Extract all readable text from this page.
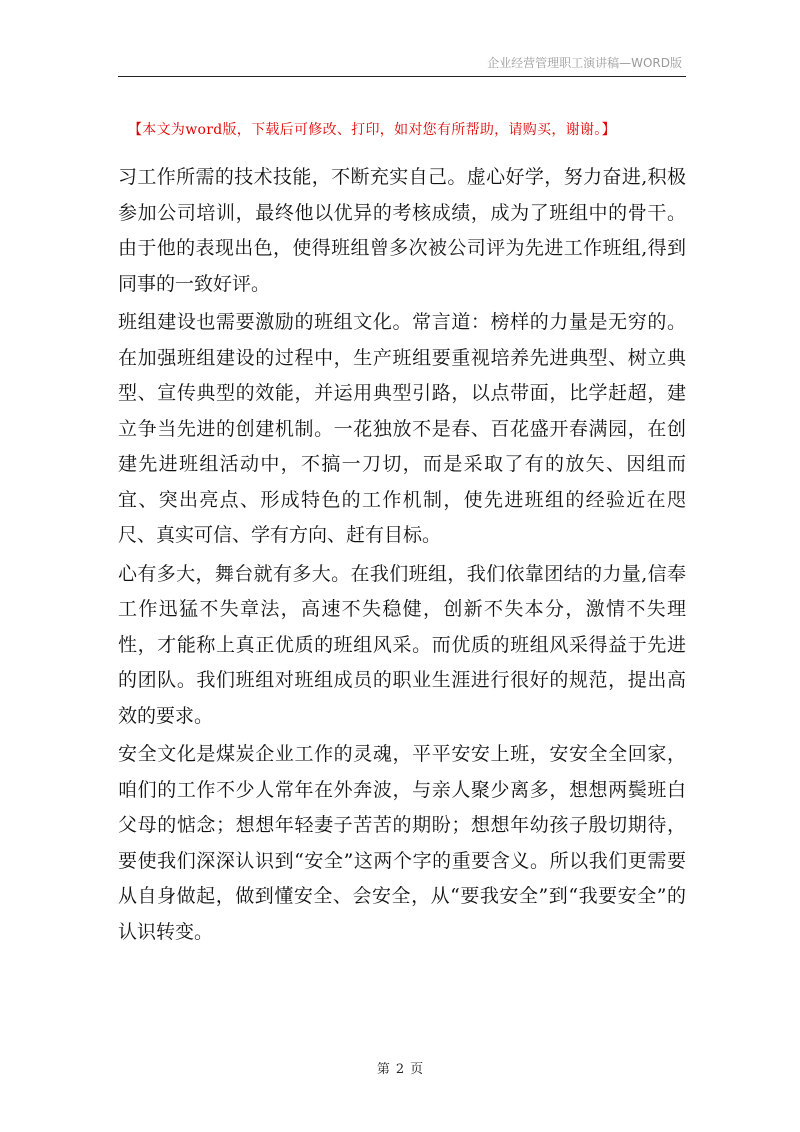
企业经营管理职工演讲稿—WORD版
【本文为word版，下载后可修改、打印，如对您有所帮助，请购买，谢谢。】

习工作所需的技术技能，不断充实自己。虚心好学，努力奋进,积极参加公司培训，最终他以优异的考核成绩，成为了班组中的骨干。由于他的表现出色，使得班组曾多次被公司评为先进工作班组,得到同事的一致好评。

班组建设也需要激励的班组文化。常言道：榜样的力量是无穷的。在加强班组建设的过程中，生产班组要重视培养先进典型、树立典型、宣传典型的效能，并运用典型引路，以点带面，比学赶超，建立争当先进的创建机制。一花独放不是春、百花盛开春满园，在创建先进班组活动中，不搞一刀切，而是采取了有的放矢、因组而宜、突出亮点、形成特色的工作机制，使先进班组的经验近在咫尺、真实可信、学有方向、赶有目标。

心有多大，舞台就有多大。在我们班组，我们依靠团结的力量,信奉工作迅猛不失章法，高速不失稳健，创新不失本分，激情不失理性，才能称上真正优质的班组风采。而优质的班组风采得益于先进的团队。我们班组对班组成员的职业生涯进行很好的规范，提出高效的要求。

安全文化是煤炭企业工作的灵魂，平平安安上班，安安全全回家，咱们的工作不少人常年在外奔波，与亲人聚少离多，想想两鬓班白父母的惦念；想想年轻妻子苦苦的期盼；想想年幼孩子殷切期待，要使我们深深认识到“安全”这两个字的重要含义。所以我们更需要从自身做起，做到懂安全、会安全，从“要我安全”到“我要安全”的认识转变。

第 2 页
